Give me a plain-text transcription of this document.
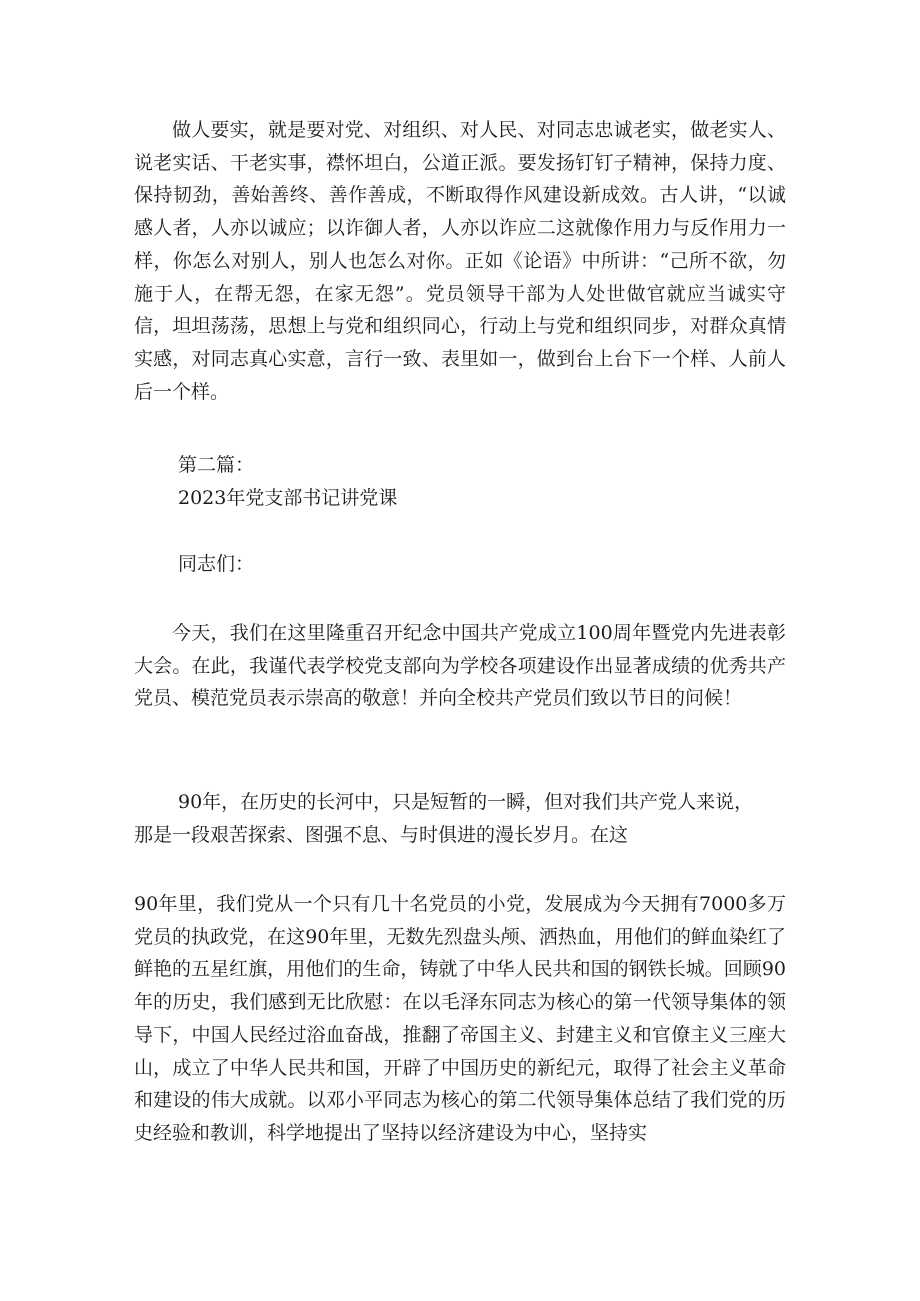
做人要实，就是要对党、对组织、对人民、对同志忠诚老实，做老实人、说老实话、干老实事，襟怀坦白，公道正派。要发扬钉钉子精神，保持力度、保持韧劲，善始善终、善作善成，不断取得作风建设新成效。古人讲，“以诚感人者，人亦以诚应；以诈御人者，人亦以诈应二这就像作用力与反作用力一样，你怎么对别人，别人也怎么对你。正如《论语》中所讲：“己所不欲，勿施于人，在帮无怨，在家无怨”。党员领导干部为人处世做官就应当诚实守信，坦坦荡荡，思想上与党和组织同心，行动上与党和组织同步，对群众真情实感，对同志真心实意，言行一致、表里如一，做到台上台下一个样、人前人后一个样。

第二篇：

2023年党支部书记讲党课

同志们：

今天，我们在这里隆重召开纪念中国共产党成立100周年暨党内先进表彰大会。在此，我谨代表学校党支部向为学校各项建设作出显著成绩的优秀共产党员、模范党员表示崇高的敬意！并向全校共产党员们致以节日的问候！

90年，在历史的长河中，只是短暂的一瞬，但对我们共产党人来说，

那是一段艰苦探索、图强不息、与时俱进的漫长岁月。在这

90年里，我们党从一个只有几十名党员的小党，发展成为今天拥有7000多万党员的执政党，在这90年里，无数先烈盘头颅、洒热血，用他们的鲜血染红了鲜艳的五星红旗，用他们的生命，铸就了中华人民共和国的钢铁长城。回顾90年的历史，我们感到无比欣慰：在以毛泽东同志为核心的第一代领导集体的领导下，中国人民经过浴血奋战，推翻了帝国主义、封建主义和官僚主义三座大山，成立了中华人民共和国，开辟了中国历史的新纪元，取得了社会主义革命和建设的伟大成就。以邓小平同志为核心的第二代领导集体总结了我们党的历史经验和教训，科学地提出了坚持以经济建设为中心，坚持实
